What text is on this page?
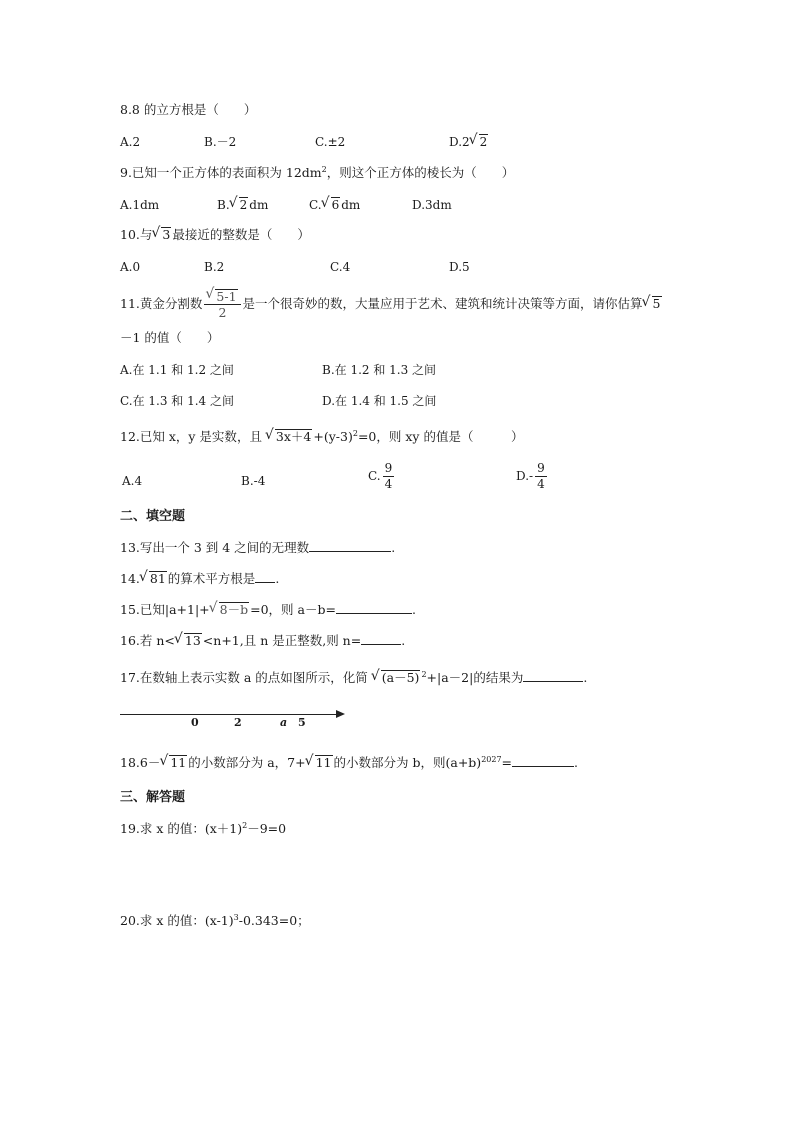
8.8 的立方根是（　　）
A.2	B.－2	C.±2	D.2 √ 2
9.已知一个正方体的表面积为 $12dm^2$，则这个正方体的棱长为（　　）
A.1dm	B. √ 2 dm	C. √ 6 dm	D.3dm
10.与 √ 3 最接近的整数是（　　）
A.0	B.2	C.4	D.5
11.黄金分割数 √ $\frac{5-1}{2}$ 是一个很奇妙的数，大量应用于艺术、建筑和统计决策等方面，请你估算 √ 5
－1 的值（　　）
A.在 1.1 和 1.2 之间	B.在 1.2 和 1.3 之间
C.在 1.3 和 1.4 之间	D.在 1.4 和 1.5 之间
12.已知 x，y 是实数，且 √ $3x+4 +(y-3)^2=0$，则 xy 的值是（　　　）
A.4	B.-4	C. $\frac{9}{4}$	$D.- \frac{9}{4}$
二、填空题
13.写出一个 3 到 4 之间的无理数	.
14. √ 81 的算术平方根是 .
15.已知|a+1|+ √ 8－b =0，则 a－b=	.
16.若 n< √ 13 <n+1,且 n 是正整数,则 n=	.
17.在数轴上表示实数 a 的点如图所示，化简 √ (a－5) $^2$+|a－2|的结果为	.
0	2	a 5
18.6－ √ 11 的小数部分为 a，7+ √ 11 的小数部分为 b，则$(a+b)^{2027}=$	.
三、解答题
19.求 x 的值：$(x+1)^2-9=0$
20.求 x 的值：$(x-1)^3-0.343=0$；
